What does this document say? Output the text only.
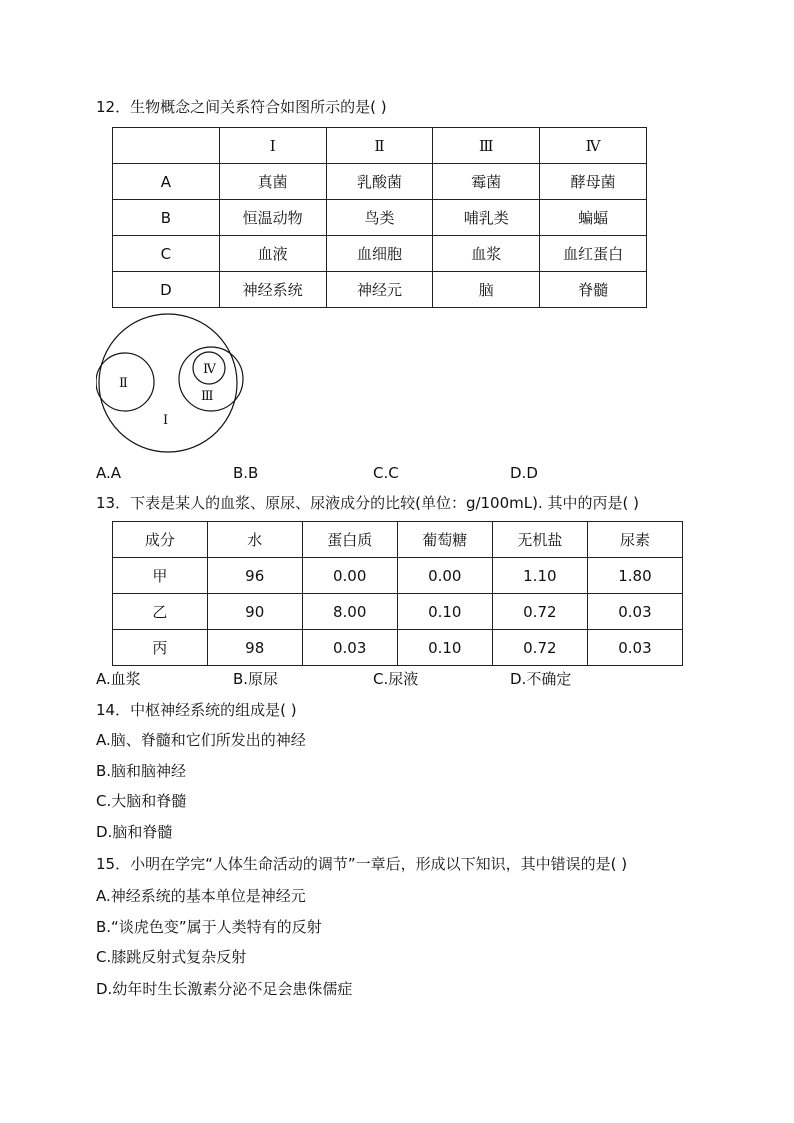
12．生物概念之间关系符合如图所示的是( )
	Ⅰ	Ⅱ	Ⅲ	Ⅳ
A	真菌	乳酸菌	霉菌	酵母菌
B	恒温动物	鸟类	哺乳类	蝙蝠
C	血液	血细胞	血浆	血红蛋白
D	神经系统	神经元	脑	脊髓
Ⅱ
Ⅳ
Ⅲ
Ⅰ
A.A	B.B	C.C	D.D
13．下表是某人的血浆、原尿、尿液成分的比较(单位：g/100mL). 其中的丙是( )
成分	水	蛋白质	葡萄糖	无机盐	尿素
甲	96	0.00	0.00	1.10	1.80
乙	90	8.00	0.10	0.72	0.03
丙	98	0.03	0.10	0.72	0.03
A.血浆	B.原尿	C.尿液	D.不确定
14．中枢神经系统的组成是( )
A.脑、脊髓和它们所发出的神经
B.脑和脑神经
C.大脑和脊髓
D.脑和脊髓
15．小明在学完“人体生命活动的调节”一章后，形成以下知识，其中错误的是( )
A.神经系统的基本单位是神经元
B.“谈虎色变”属于人类特有的反射
C.膝跳反射式复杂反射
D.幼年时生长激素分泌不足会患侏儒症
